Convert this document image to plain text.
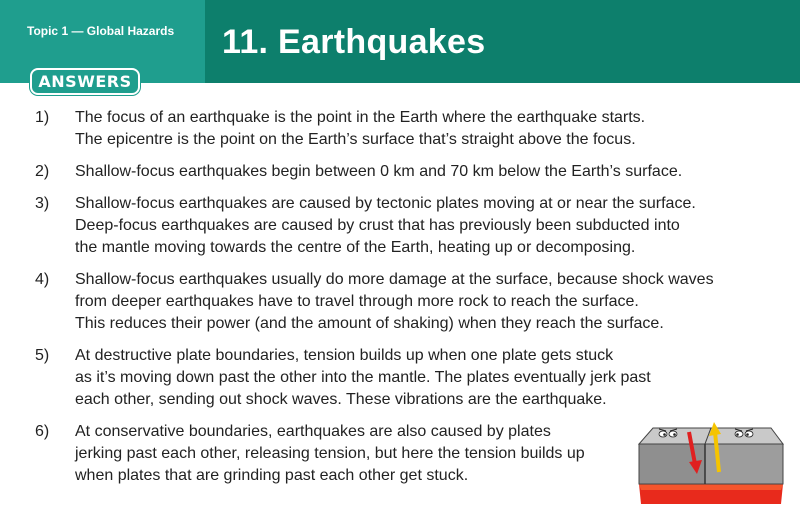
Topic 1 — Global Hazards 11. Earthquakes
ANSWERS
1) The focus of an earthquake is the point in the Earth where the earthquake starts.
The epicentre is the point on the Earth’s surface that’s straight above the focus.
2) Shallow-focus earthquakes begin between 0 km and 70 km below the Earth’s surface.
3) Shallow-focus earthquakes are caused by tectonic plates moving at or near the surface.
Deep-focus earthquakes are caused by crust that has previously been subducted into
the mantle moving towards the centre of the Earth, heating up or decomposing.
4) Shallow-focus earthquakes usually do more damage at the surface, because shock waves
from deeper earthquakes have to travel through more rock to reach the surface.
This reduces their power (and the amount of shaking) when they reach the surface.
5) At destructive plate boundaries, tension builds up when one plate gets stuck
as it’s moving down past the other into the mantle. The plates eventually jerk past
each other, sending out shock waves. These vibrations are the earthquake.
6) At conservative boundaries, earthquakes are also caused by plates
jerking past each other, releasing tension, but here the tension builds up
when plates that are grinding past each other get stuck.
